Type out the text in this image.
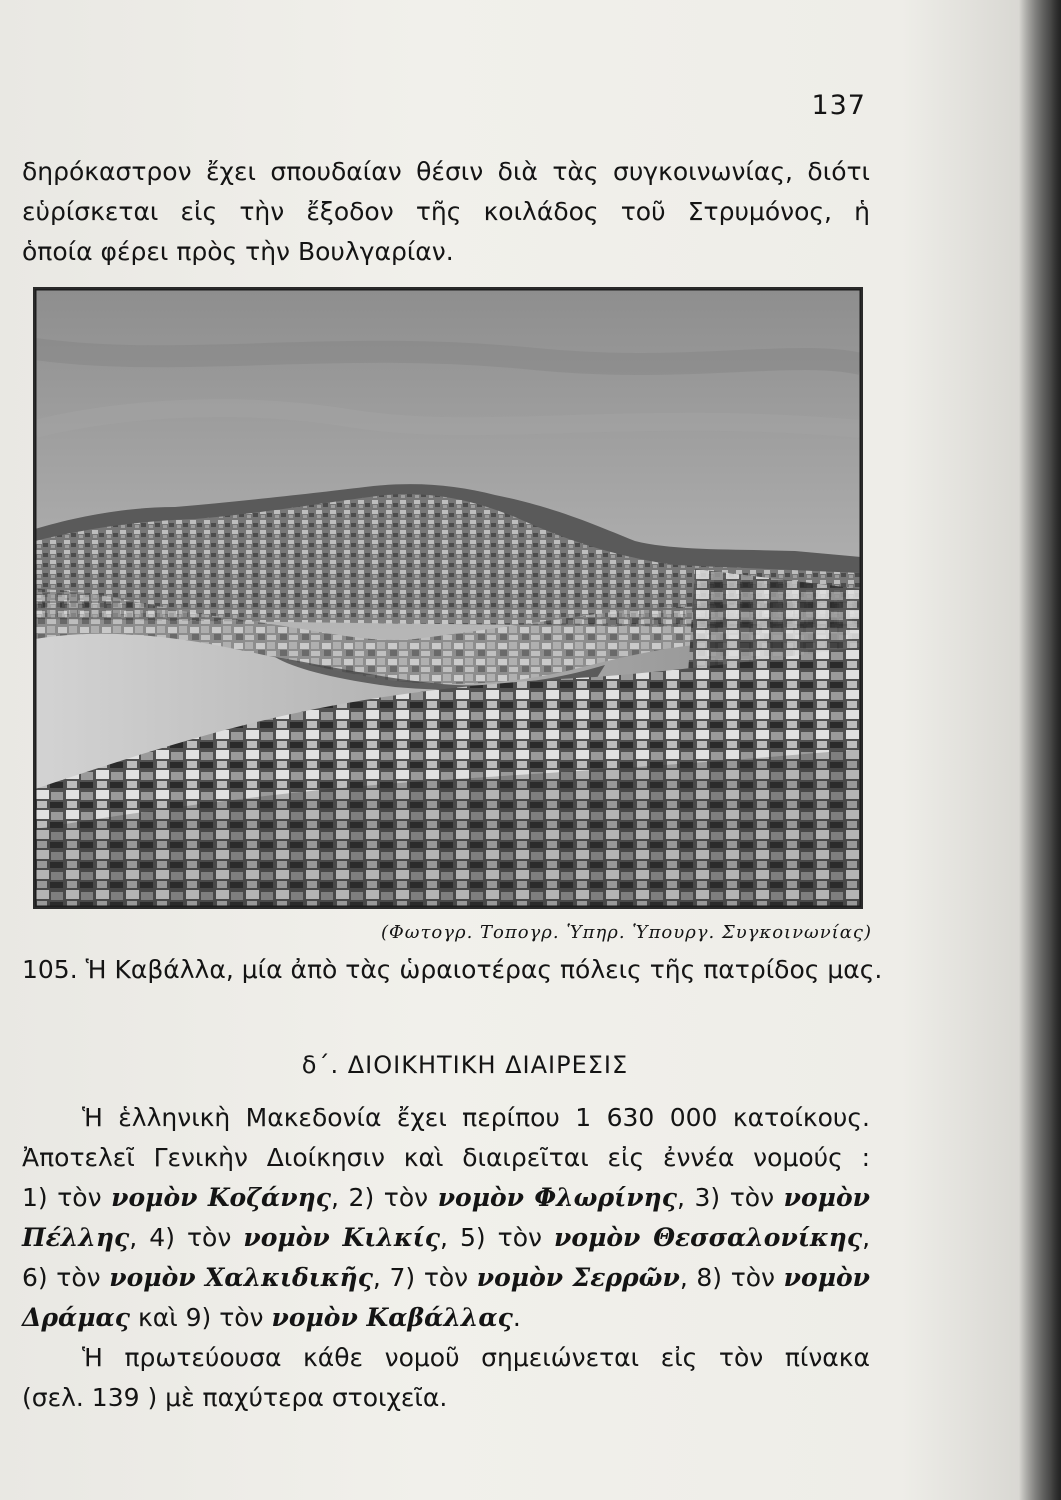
137
δηρόκαστρον ἔχει σπουδαίαν θέσιν διὰ τὰς συγκοινωνίας, διότι
εὑρίσκεται εἰς τὴν ἔξοδον τῆς κοιλάδος τοῦ Στρυμόνος, ἡ
ὁποία φέρει πρὸς τὴν Βουλγαρίαν.
(Φωτογρ. Τοπογρ. Ὑπηρ. Ὑπουργ. Συγκοινωνίας)
105. Ἡ Καβάλλα, μία ἀπὸ τὰς ὡραιοτέρας πόλεις τῆς πατρίδος μας.
δ΄. ΔΙΟΙΚΗΤΙΚΗ ΔΙΑΙΡΕΣΙΣ
Ἡ ἑλληνικὴ Μακεδονία ἔχει περίπου 1 630 000 κατοίκους.
Ἀποτελεῖ Γενικὴν Διοίκησιν καὶ διαιρεῖται εἰς ἐννέα νομούς :
1) τὸν νομὸν Κοζάνης, 2) τὸν νομὸν Φλωρίνης, 3) τὸν νομὸν
Πέλλης, 4) τὸν νομὸν Κιλκίς, 5) τὸν νομὸν Θεσσαλονίκης,
6) τὸν νομὸν Χαλκιδικῆς, 7) τὸν νομὸν Σερρῶν, 8) τὸν νομὸν
Δράμας καὶ 9) τὸν νομὸν Καβάλλας.
Ἡ πρωτεύουσα κάθε νομοῦ σημειώνεται εἰς τὸν πίνακα
(σελ. 139 ) μὲ παχύτερα στοιχεῖα.
